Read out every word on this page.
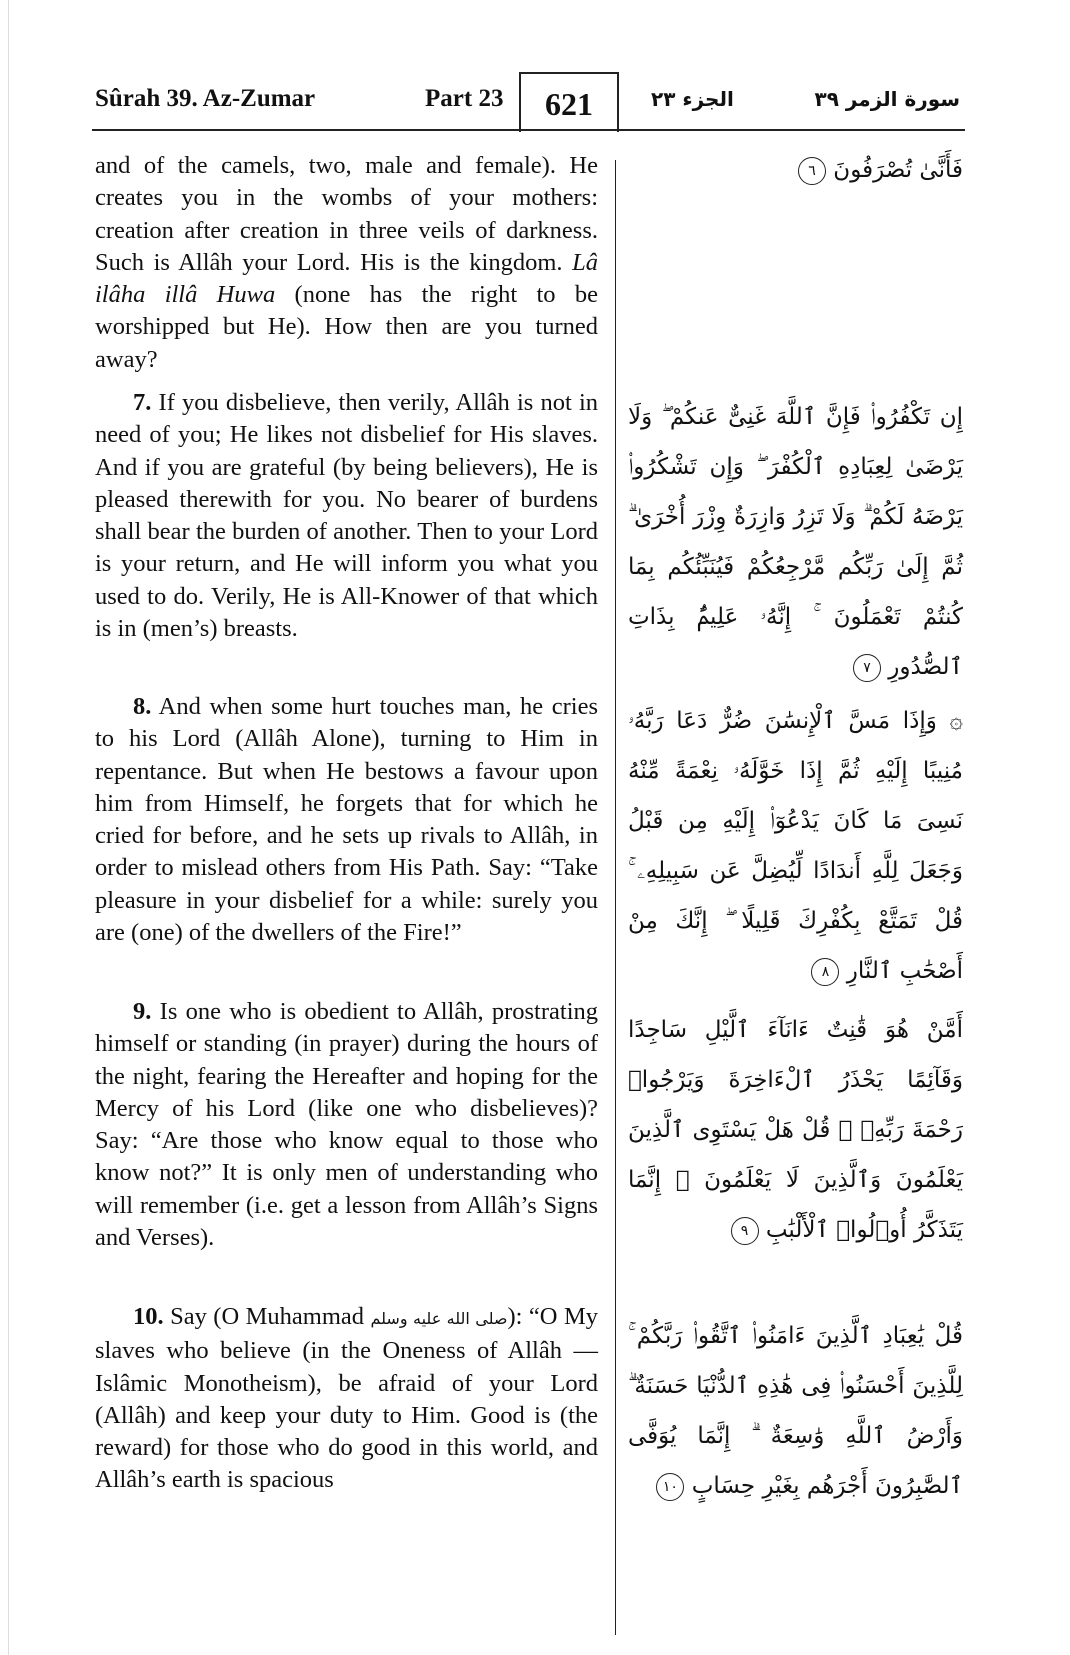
Sûrah 39. Az-Zumar	Part 23	621	الجزء ٢٣	سورة الزمر ٣٩

and of the camels, two, male and female). He creates you in the wombs of your mothers: creation after creation in three veils of darkness. Such is Allâh your Lord. His is the kingdom. Lâ ilâha illâ Huwa (none has the right to be worshipped but He). How then are you turned away?

7. If you disbelieve, then verily, Allâh is not in need of you; He likes not disbelief for His slaves. And if you are grateful (by being believers), He is pleased therewith for you. No bearer of burdens shall bear the burden of another. Then to your Lord is your return, and He will inform you what you used to do. Verily, He is All-Knower of that which is in (men’s) breasts.

8. And when some hurt touches man, he cries to his Lord (Allâh Alone), turning to Him in repentance. But when He bestows a favour upon him from Himself, he forgets that for which he cried for before, and he sets up rivals to Allâh, in order to mislead others from His Path. Say: “Take pleasure in your disbelief for a while: surely you are (one) of the dwellers of the Fire!”

9. Is one who is obedient to Allâh, prostrating himself or standing (in prayer) during the hours of the night, fearing the Hereafter and hoping for the Mercy of his Lord (like one who disbelieves)? Say: “Are those who know equal to those who know not?” It is only men of understanding who will remember (i.e. get a lesson from Allâh’s Signs and Verses).

10. Say (O Muhammad صلى الله عليه وسلم): “O My slaves who believe (in the Oneness of Allâh — Islâmic Monotheism), be afraid of your Lord (Allâh) and keep your duty to Him. Good is (the reward) for those who do good in this world, and Allâh’s earth is spacious

فَأَنَّىٰ تُصْرَفُونَ ٦

إِن تَكْفُرُوا۟ فَإِنَّ ٱللَّهَ غَنِىٌّ عَنكُمْ ۖ وَلَا يَرْضَىٰ لِعِبَادِهِ ٱلْكُفْرَ ۖ وَإِن تَشْكُرُوا۟ يَرْضَهُ لَكُمْ ۗ وَلَا تَزِرُ وَازِرَةٌ وِزْرَ أُخْرَىٰ ۗ ثُمَّ إِلَىٰ رَبِّكُم مَّرْجِعُكُمْ فَيُنَبِّئُكُم بِمَا كُنتُمْ تَعْمَلُونَ ۚ إِنَّهُۥ عَلِيمٌۢ بِذَاتِ ٱلصُّدُورِ ٧

۞ وَإِذَا مَسَّ ٱلْإِنسَٰنَ ضُرٌّ دَعَا رَبَّهُۥ مُنِيبًا إِلَيْهِ ثُمَّ إِذَا خَوَّلَهُۥ نِعْمَةً مِّنْهُ نَسِىَ مَا كَانَ يَدْعُوٓا۟ إِلَيْهِ مِن قَبْلُ وَجَعَلَ لِلَّهِ أَندَادًا لِّيُضِلَّ عَن سَبِيلِهِۦ ۚ قُلْ تَمَتَّعْ بِكُفْرِكَ قَلِيلًا ۖ إِنَّكَ مِنْ أَصْحَٰبِ ٱلنَّارِ ٨

أَمَّنْ هُوَ قَٰنِتٌ ءَانَآءَ ٱلَّيْلِ سَاجِدًا وَقَآئِمًا يَحْذَرُ ٱلْءَاخِرَةَ وَيَرْجُوا۟ رَحْمَةَ رَبِّهِۦ ۗ قُلْ هَلْ يَسْتَوِى ٱلَّذِينَ يَعْلَمُونَ وَٱلَّذِينَ لَا يَعْلَمُونَ ۗ إِنَّمَا يَتَذَكَّرُ أُو۟لُوا۟ ٱلْأَلْبَٰبِ ٩

قُلْ يَٰعِبَادِ ٱلَّذِينَ ءَامَنُوا۟ ٱتَّقُوا۟ رَبَّكُمْ ۚ لِلَّذِينَ أَحْسَنُوا۟ فِى هَٰذِهِ ٱلدُّنْيَا حَسَنَةٌ ۗ وَأَرْضُ ٱللَّهِ وَٰسِعَةٌ ۗ إِنَّمَا يُوَفَّى ٱلصَّٰبِرُونَ أَجْرَهُم بِغَيْرِ حِسَابٍ ١٠
